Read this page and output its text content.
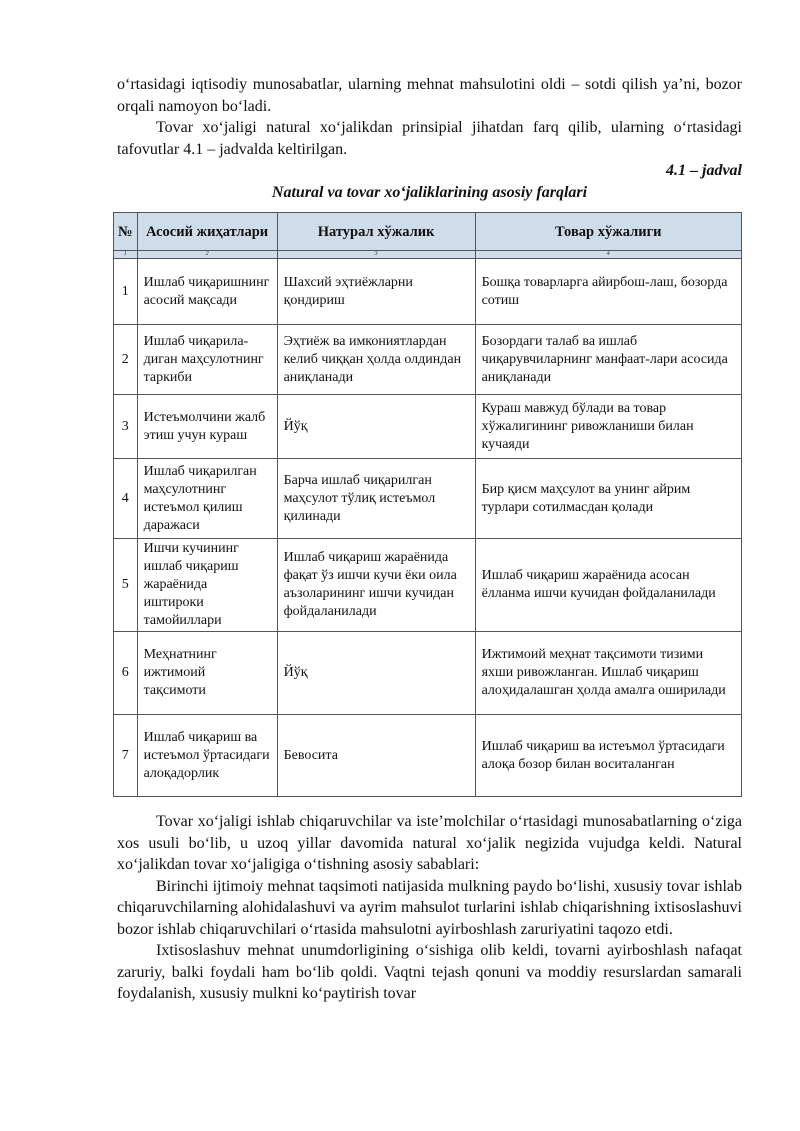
oʻrtasidagi iqtisodiy munosabatlar, ularning mehnat mahsulotini oldi – sotdi qilish yaʼni, bozor orqali namoyon boʻladi.

Tovar xoʻjaligi natural xoʻjalikdan prinsipial jihatdan farq qilib, ularning oʻrtasidagi tafovutlar 4.1 – jadvalda keltirilgan.

4.1 – jadval

Natural va tovar xoʻjaliklarining asosiy farqlari

№	Асосий жиҳатлари	Натурал хўжалик	Товар хўжалиги
1	2	3	4
1	Ишлаб чиқаришнинг асосий мақсади	Шахсий эҳтиёжларни қондириш	Бошқа товарларга айирбош-лаш, бозорда сотиш
2	Ишлаб чиқарила-диган маҳсулотнинг таркиби	Эҳтиёж ва имкониятлардан келиб чиққан ҳолда олдиндан аниқланади	Бозордаги талаб ва ишлаб чиқарувчиларнинг манфаат-лари асосида аниқланади
3	Истеъмолчини жалб этиш учун кураш	Йўқ	Кураш мавжуд бўлади ва товар хўжалигининг ривожланиши билан кучаяди
4	Ишлаб чиқарилган маҳсулотнинг истеъмол қилиш даражаси	Барча ишлаб чиқарилган маҳсулот тўлиқ истеъмол қилинади	Бир қисм маҳсулот ва унинг айрим турлари сотилмасдан қолади
5	Ишчи кучининг ишлаб чиқариш жараёнида иштироки тамойиллари	Ишлаб чиқариш жараёнида фақат ўз ишчи кучи ёки оила аъзоларининг ишчи кучидан фойдаланилади	Ишлаб чиқариш жараёнида асосан ёлланма ишчи кучидан фойдаланилади
6	Меҳнатнинг ижтимоий тақсимоти	Йўқ	Ижтимоий меҳнат тақсимоти тизими яхши ривожланган. Ишлаб чиқариш алоҳидалашган ҳолда амалга оширилади
7	Ишлаб чиқариш ва истеъмол ўртасидаги алоқадорлик	Бевосита	Ишлаб чиқариш ва истеъмол ўртасидаги алоқа бозор билан воситаланган

Tovar xoʻjaligi ishlab chiqaruvchilar va isteʼmolchilar oʻrtasidagi munosabatlarning oʻziga xos usuli boʻlib, u uzoq yillar davomida natural xoʻjalik negizida vujudga keldi. Natural xoʻjalikdan tovar xoʻjaligiga oʻtishning asosiy sabablari:

Birinchi ijtimoiy mehnat taqsimoti natijasida mulkning paydo boʻlishi, xususiy tovar ishlab chiqaruvchilarning alohidalashuvi va ayrim mahsulot turlarini ishlab chiqarishning ixtisoslashuvi bozor ishlab chiqaruvchilari oʻrtasida mahsulotni ayirboshlash zaruriyatini taqozo etdi.

Ixtisoslashuv mehnat unumdorligining oʻsishiga olib keldi, tovarni ayirboshlash nafaqat zaruriy, balki foydali ham boʻlib qoldi. Vaqtni tejash qonuni va moddiy resurslardan samarali foydalanish, xususiy mulkni koʻpaytirish tovar
